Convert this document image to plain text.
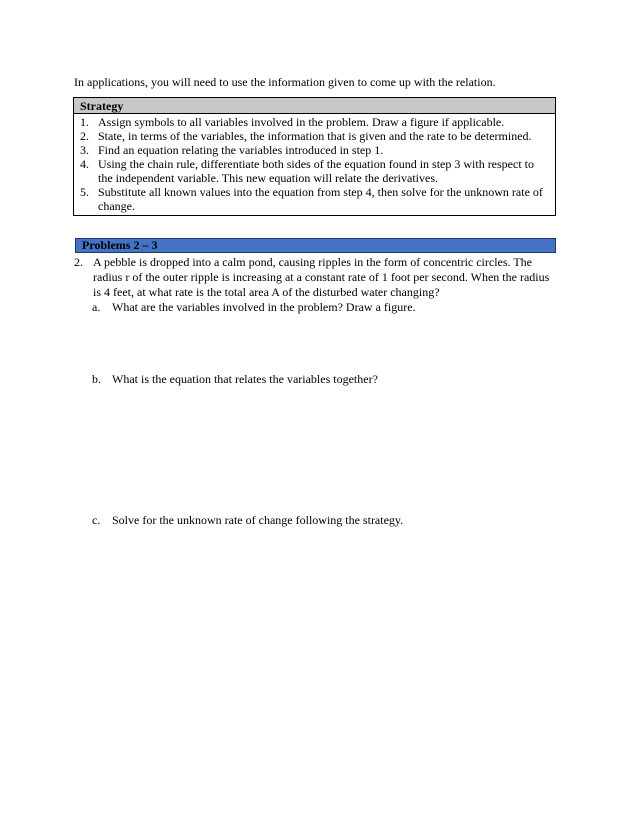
In applications, you will need to use the information given to come up with the relation.
Strategy
1. Assign symbols to all variables involved in the problem. Draw a figure if applicable.
2. State, in terms of the variables, the information that is given and the rate to be determined.
3. Find an equation relating the variables introduced in step 1.
4. Using the chain rule, differentiate both sides of the equation found in step 3 with respect to the independent variable. This new equation will relate the derivatives.
5. Substitute all known values into the equation from step 4, then solve for the unknown rate of change.
Problems 2 – 3
2. A pebble is dropped into a calm pond, causing ripples in the form of concentric circles. The radius r of the outer ripple is increasing at a constant rate of 1 foot per second. When the radius is 4 feet, at what rate is the total area A of the disturbed water changing?
a. What are the variables involved in the problem? Draw a figure.
b. What is the equation that relates the variables together?
c. Solve for the unknown rate of change following the strategy.
